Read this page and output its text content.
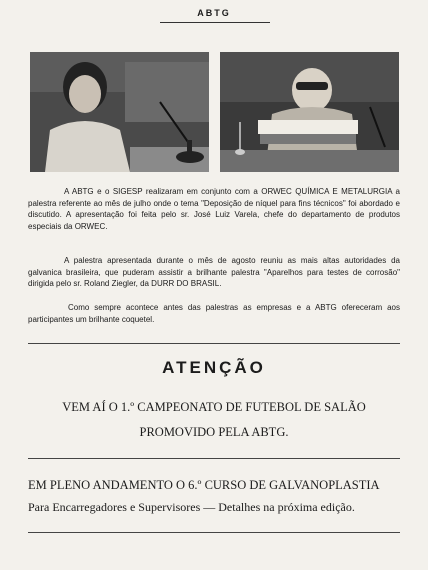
ABTG

A ABTG e o SIGESP realizaram em conjunto com a ORWEC QUÍMICA E METALURGIA a palestra referente ao mês de julho onde o tema "Deposição de níquel para fins técnicos" foi abordado e discutido. A apresentação foi feita pelo sr. José Luiz Varela, chefe do departamento de produtos especiais da ORWEC.

A palestra apresentada durante o mês de agosto reuniu as mais altas autoridades da galvanica brasileira, que puderam assistir a brilhante palestra "Aparelhos para testes de corrosão" dirigida pelo sr. Roland Ziegler, da DURR DO BRASIL.

Como sempre acontece antes das palestras as empresas e a ABTG ofereceram aos participantes um brilhante coquetel.

ATENÇÃO
VEM AÍ O 1.º CAMPEONATO DE FUTEBOL DE SALÃO
PROMOVIDO PELA ABTG.
EM PLENO ANDAMENTO O 6.º CURSO DE GALVANOPLASTIA
Para Encarregadores e Supervisores — Detalhes na próxima edição.
